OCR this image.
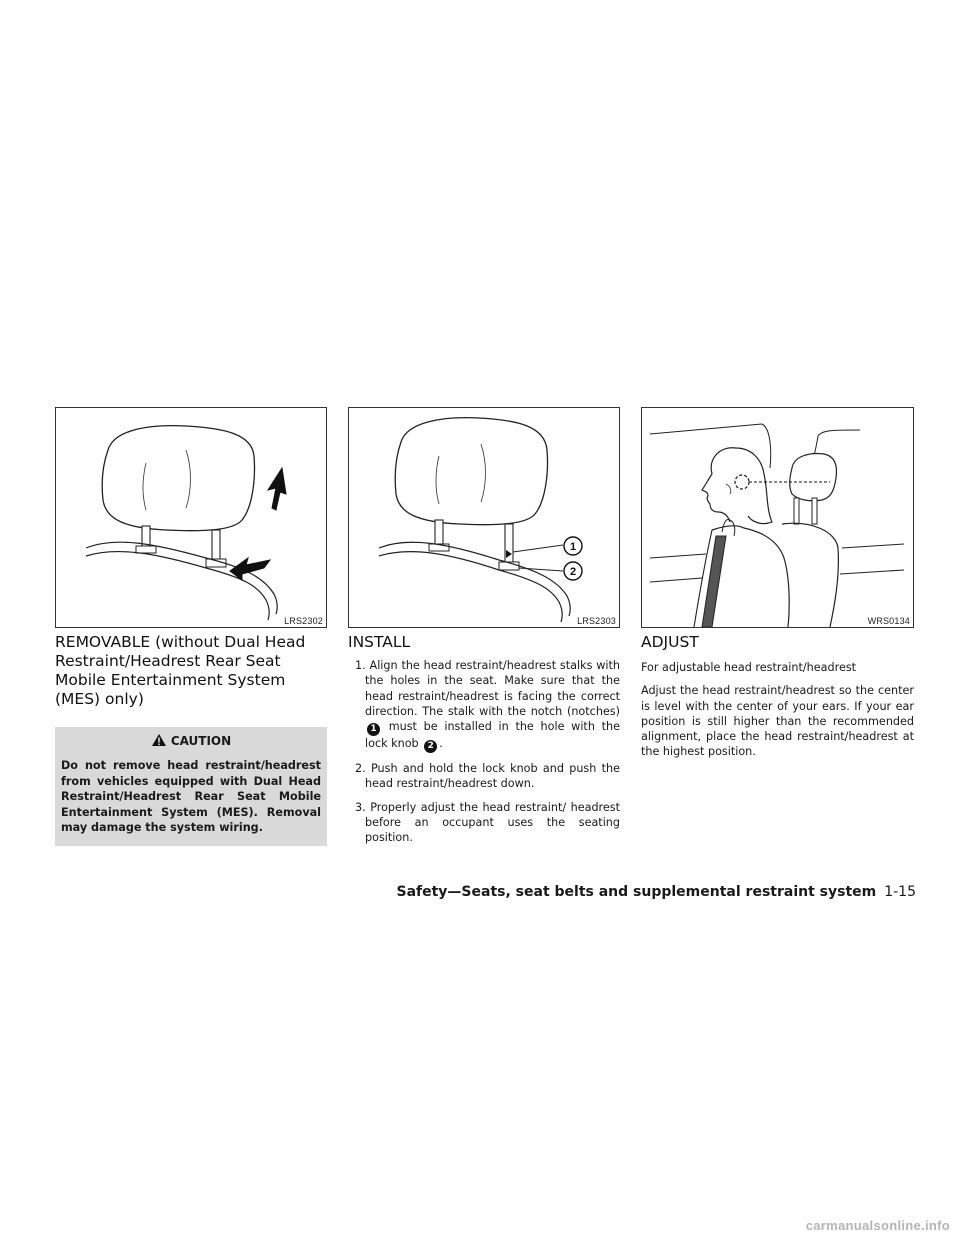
LRS2302
1
2
LRS2303	WRS0134
REMOVABLE (without Dual Head Restraint/Headrest Rear Seat Mobile Entertainment System (MES) only)
CAUTION

Do not remove head restraint/headrest from vehicles equipped with Dual Head Restraint/Headrest Rear Seat Mobile Entertainment System (MES). Removal may damage the system wiring.

INSTALL
1. Align the head restraint/headrest stalks with the holes in the seat. Make sure that the head restraint/headrest is facing the correct direction. The stalk with the notch (notches) 1 must be installed in the hole with the lock knob 2 .
2. Push and hold the lock knob and push the head restraint/headrest down.
3. Properly adjust the head restraint/ headrest before an occupant uses the seating position.
ADJUST

For adjustable head restraint/headrest

Adjust the head restraint/headrest so the center is level with the center of your ears. If your ear position is still higher than the recommended alignment, place the head restraint/headrest at the highest position.

Safety—Seats, seat belts and supplemental restraint system 1-15
carmanualsonline.info
